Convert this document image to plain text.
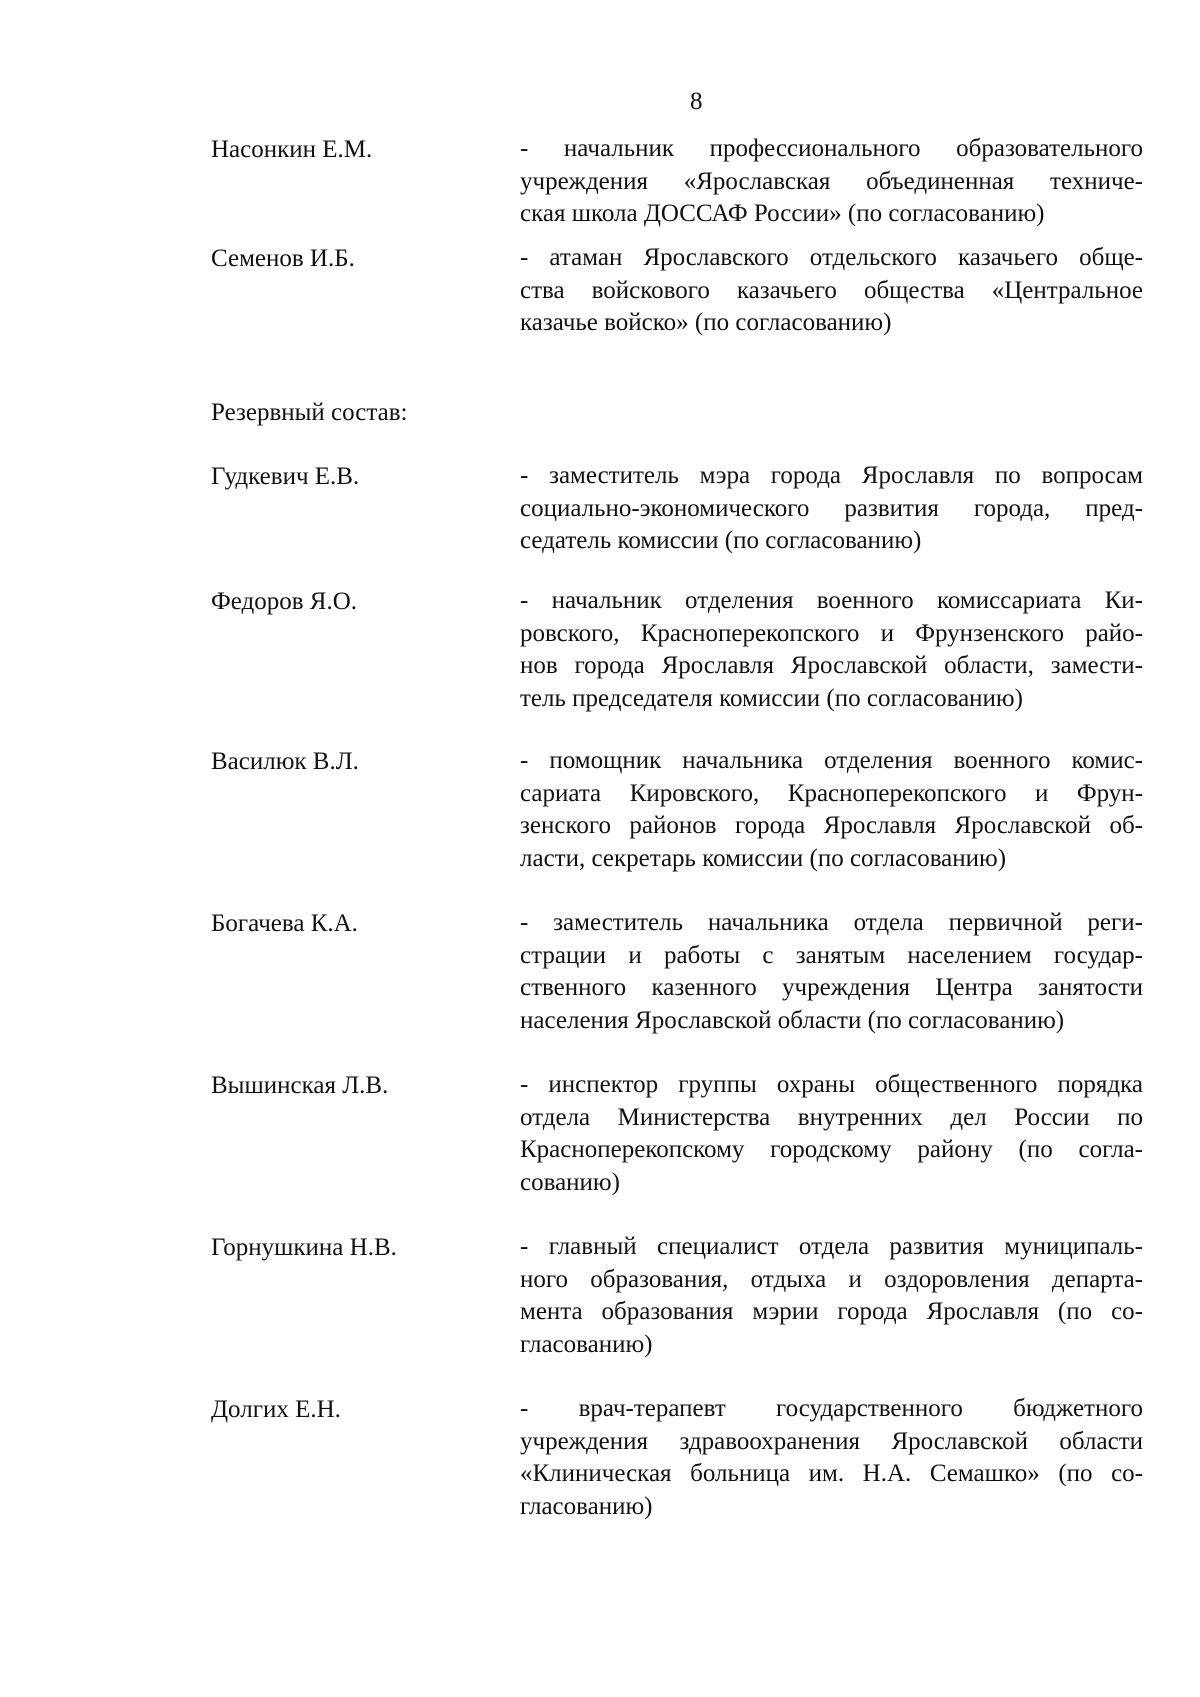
8
Насонкин Е.М.	- начальник профессионального образовательного
учреждения «Ярославская объединенная техниче-
ская школа ДОССАФ России» (по согласованию)
Семенов И.Б.	- атаман Ярославского отдельского казачьего обще-
ства войскового казачьего общества «Центральное
казачье войско» (по согласованию)
Резервный состав:
Гудкевич Е.В.	- заместитель мэра города Ярославля по вопросам
социально-экономического развития города, пред-
седатель комиссии (по согласованию)
Федоров Я.О.	- начальник отделения военного комиссариата Ки-
ровского, Красноперекопского и Фрунзенского райо-
нов города Ярославля Ярославской области, замести-
тель председателя комиссии (по согласованию)
Василюк В.Л.	- помощник начальника отделения военного комис-
сариата Кировского, Красноперекопского и Фрун-
зенского районов города Ярославля Ярославской об-
ласти, секретарь комиссии (по согласованию)
Богачева К.А.	- заместитель начальника отдела первичной реги-
страции и работы с занятым населением государ-
ственного казенного учреждения Центра занятости
населения Ярославской области (по согласованию)
Вышинская Л.В.	- инспектор группы охраны общественного порядка
отдела Министерства внутренних дел России по
Красноперекопскому городскому району (по согла-
сованию)
Горнушкина Н.В.	- главный специалист отдела развития муниципаль-
ного образования, отдыха и оздоровления департа-
мента образования мэрии города Ярославля (по со-
гласованию)
Долгих Е.Н.	- врач-терапевт государственного бюджетного
учреждения здравоохранения Ярославской области
«Клиническая больница им. Н.А. Семашко» (по со-
гласованию)
